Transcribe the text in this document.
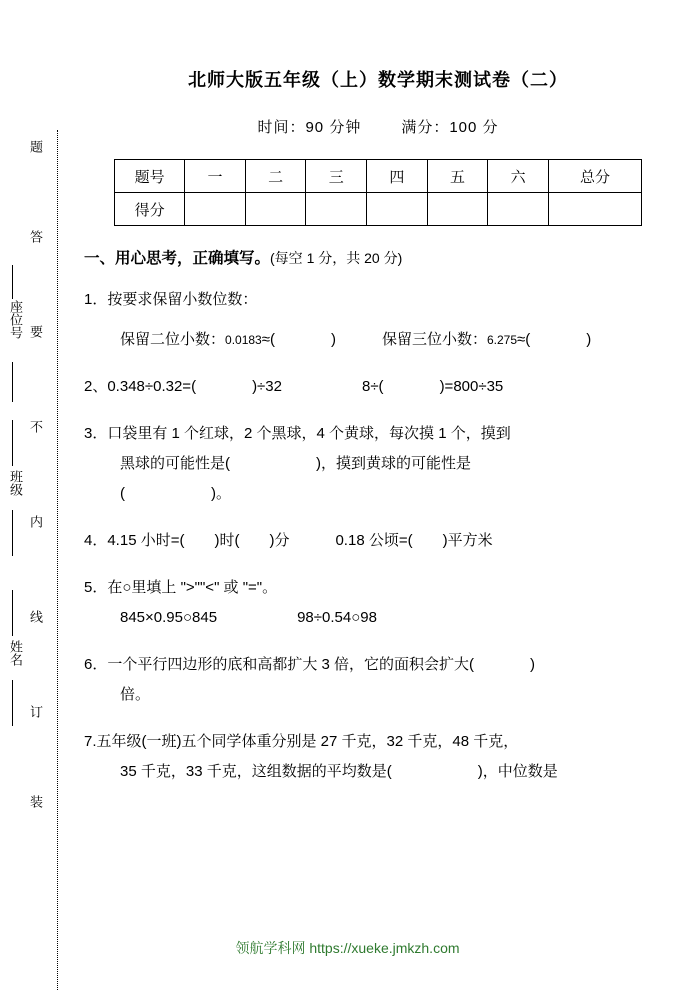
题
答
要
不
内
线
订
装
座位号
班级
姓名
北师大版五年级（上）数学期末测试卷（二）
时间：90 分钟	满分：100 分
题号	一	二	三	四	五	六	总分
得分							
一、用心思考，正确填写。(每空 1 分，共 20 分)
1．按要求保留小数位数：
保留二位小数：0.0183≈(	)	保留三位小数：6.275≈(	)
2、0.348÷0.32=(	)÷32	8÷(	)=800÷35
3．口袋里有 1 个红球，2 个黑球，4 个黄球，每次摸 1 个，摸到
黑球的可能性是(	)，摸到黄球的可能性是
(	)。
4．4.15 小时=( )时( )分	0.18 公顷=( )平方米
5．在○里填上 ">""<" 或 "="。
845×0.95○845	98÷0.54○98
6．一个平行四边形的底和高都扩大 3 倍，它的面积会扩大(	)
倍。
7.五年级(一班)五个同学体重分别是 27 千克，32 千克，48 千克，
35 千克，33 千克，这组数据的平均数是(	)，中位数是
领航学科网 https://xueke.jmkzh.com
